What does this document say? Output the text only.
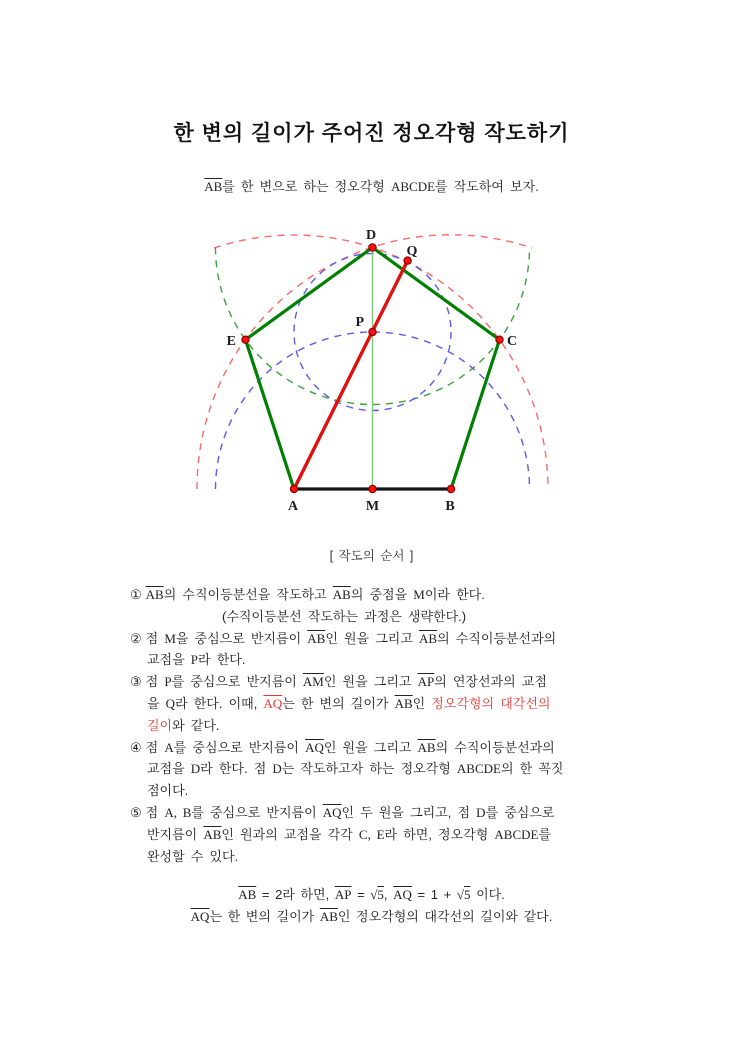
한 변의 길이가 주어진 정오각형 작도하기
$\overline{AB}$를 한 변으로 하는 정오각형 ABCDE를 작도하여 보자.
D
Q
P
E	C
A	M	B
[ 작도의 순서 ]
① $\overline{AB}$의 수직이등분선을 작도하고 $\overline{AB}$의 중점을 M이라 한다.
(수직이등분선 작도하는 과정은 생략한다.)
② 점 M을 중심으로 반지름이 $\overline{AB}$인 원을 그리고 $\overline{AB}$의 수직이등분선과의
교점을 P라 한다.
③ 점 P를 중심으로 반지름이 $\overline{AM}$인 원을 그리고 $\overline{AP}$의 연장선과의 교점
을 Q라 한다. 이때, $\overline{AQ}$는 한 변의 길이가 $\overline{AB}$인 정오각형의 대각선의
길이와 같다.
④ 점 A를 중심으로 반지름이 $\overline{AQ}$인 원을 그리고 $\overline{AB}$의 수직이등분선과의
교점을 D라 한다. 점 D는 작도하고자 하는 정오각형 ABCDE의 한 꼭짓
점이다.
⑤ 점 A, B를 중심으로 반지름이 $\overline{AQ}$인 두 원을 그리고, 점 D를 중심으로
반지름이 $\overline{AB}$인 원과의 교점을 각각 C, E라 하면, 정오각형 ABCDE를
완성할 수 있다.
$\overline{AB} = 2$라 하면, $\overline{AP} = √5$, $\overline{AQ} = 1 + √5$ 이다.
$\overline{AQ}$는 한 변의 길이가 $\overline{AB}$인 정오각형의 대각선의 길이와 같다.
